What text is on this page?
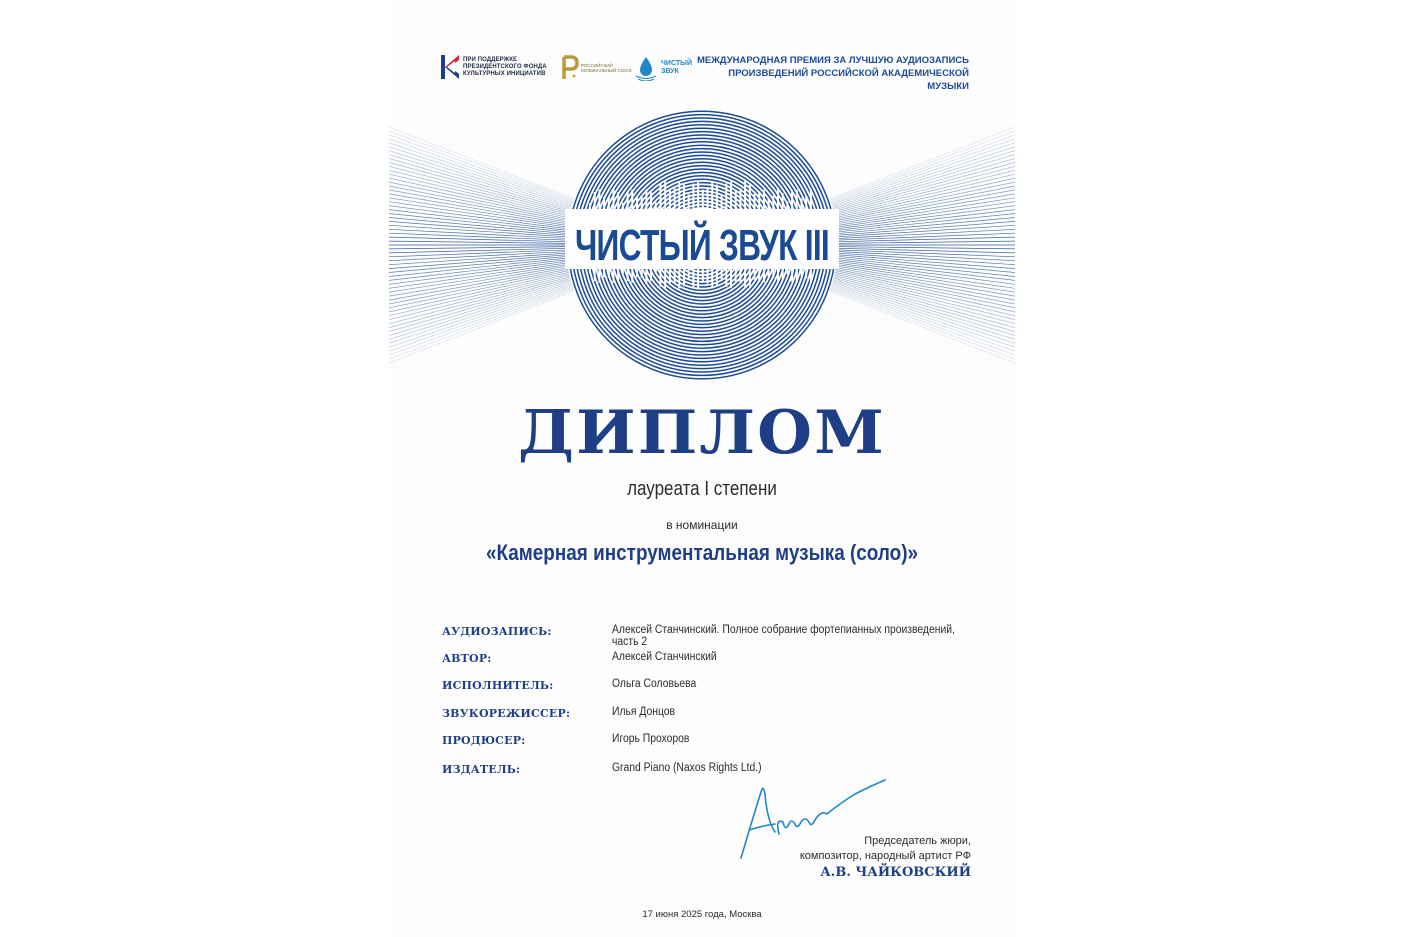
ПРИ ПОДДЕРЖКЕ ПРЕЗИДЕНТСКОГО ФОНДА КУЛЬТУРНЫХ ИНИЦИАТИВ
РОССИЙСКИЙ МУЗЫКАЛЬНЫЙ СОЮЗ
ЧИСТЫЙ ЗВУК
МЕЖДУНАРОДНАЯ ПРЕМИЯ ЗА ЛУЧШУЮ АУДИОЗАПИСЬ
ПРОИЗВЕДЕНИЙ РОССИЙСКОЙ АКАДЕМИЧЕСКОЙ МУЗЫКИ
ЧИСТЫЙ ЗВУК III
ДИПЛОМ
лауреата I степени
в номинации
«Камерная инструментальная музыка (соло)»
АУДИОЗАПИСЬ:	Алексей Станчинский. Полное собрание фортепианных произведений, часть 2
АВТОР:	Алексей Станчинский
ИСПОЛНИТЕЛЬ:	Ольга Соловьева
ЗВУКОРЕЖИССЕР:	Илья Донцов
ПРОДЮСЕР:	Игорь Прохоров
ИЗДАТЕЛЬ:	Grand Piano (Naxos Rights Ltd.)
Председатель жюри,
композитор, народный артист РФ
А.В. ЧАЙКОВСКИЙ
17 июня 2025 года, Москва
